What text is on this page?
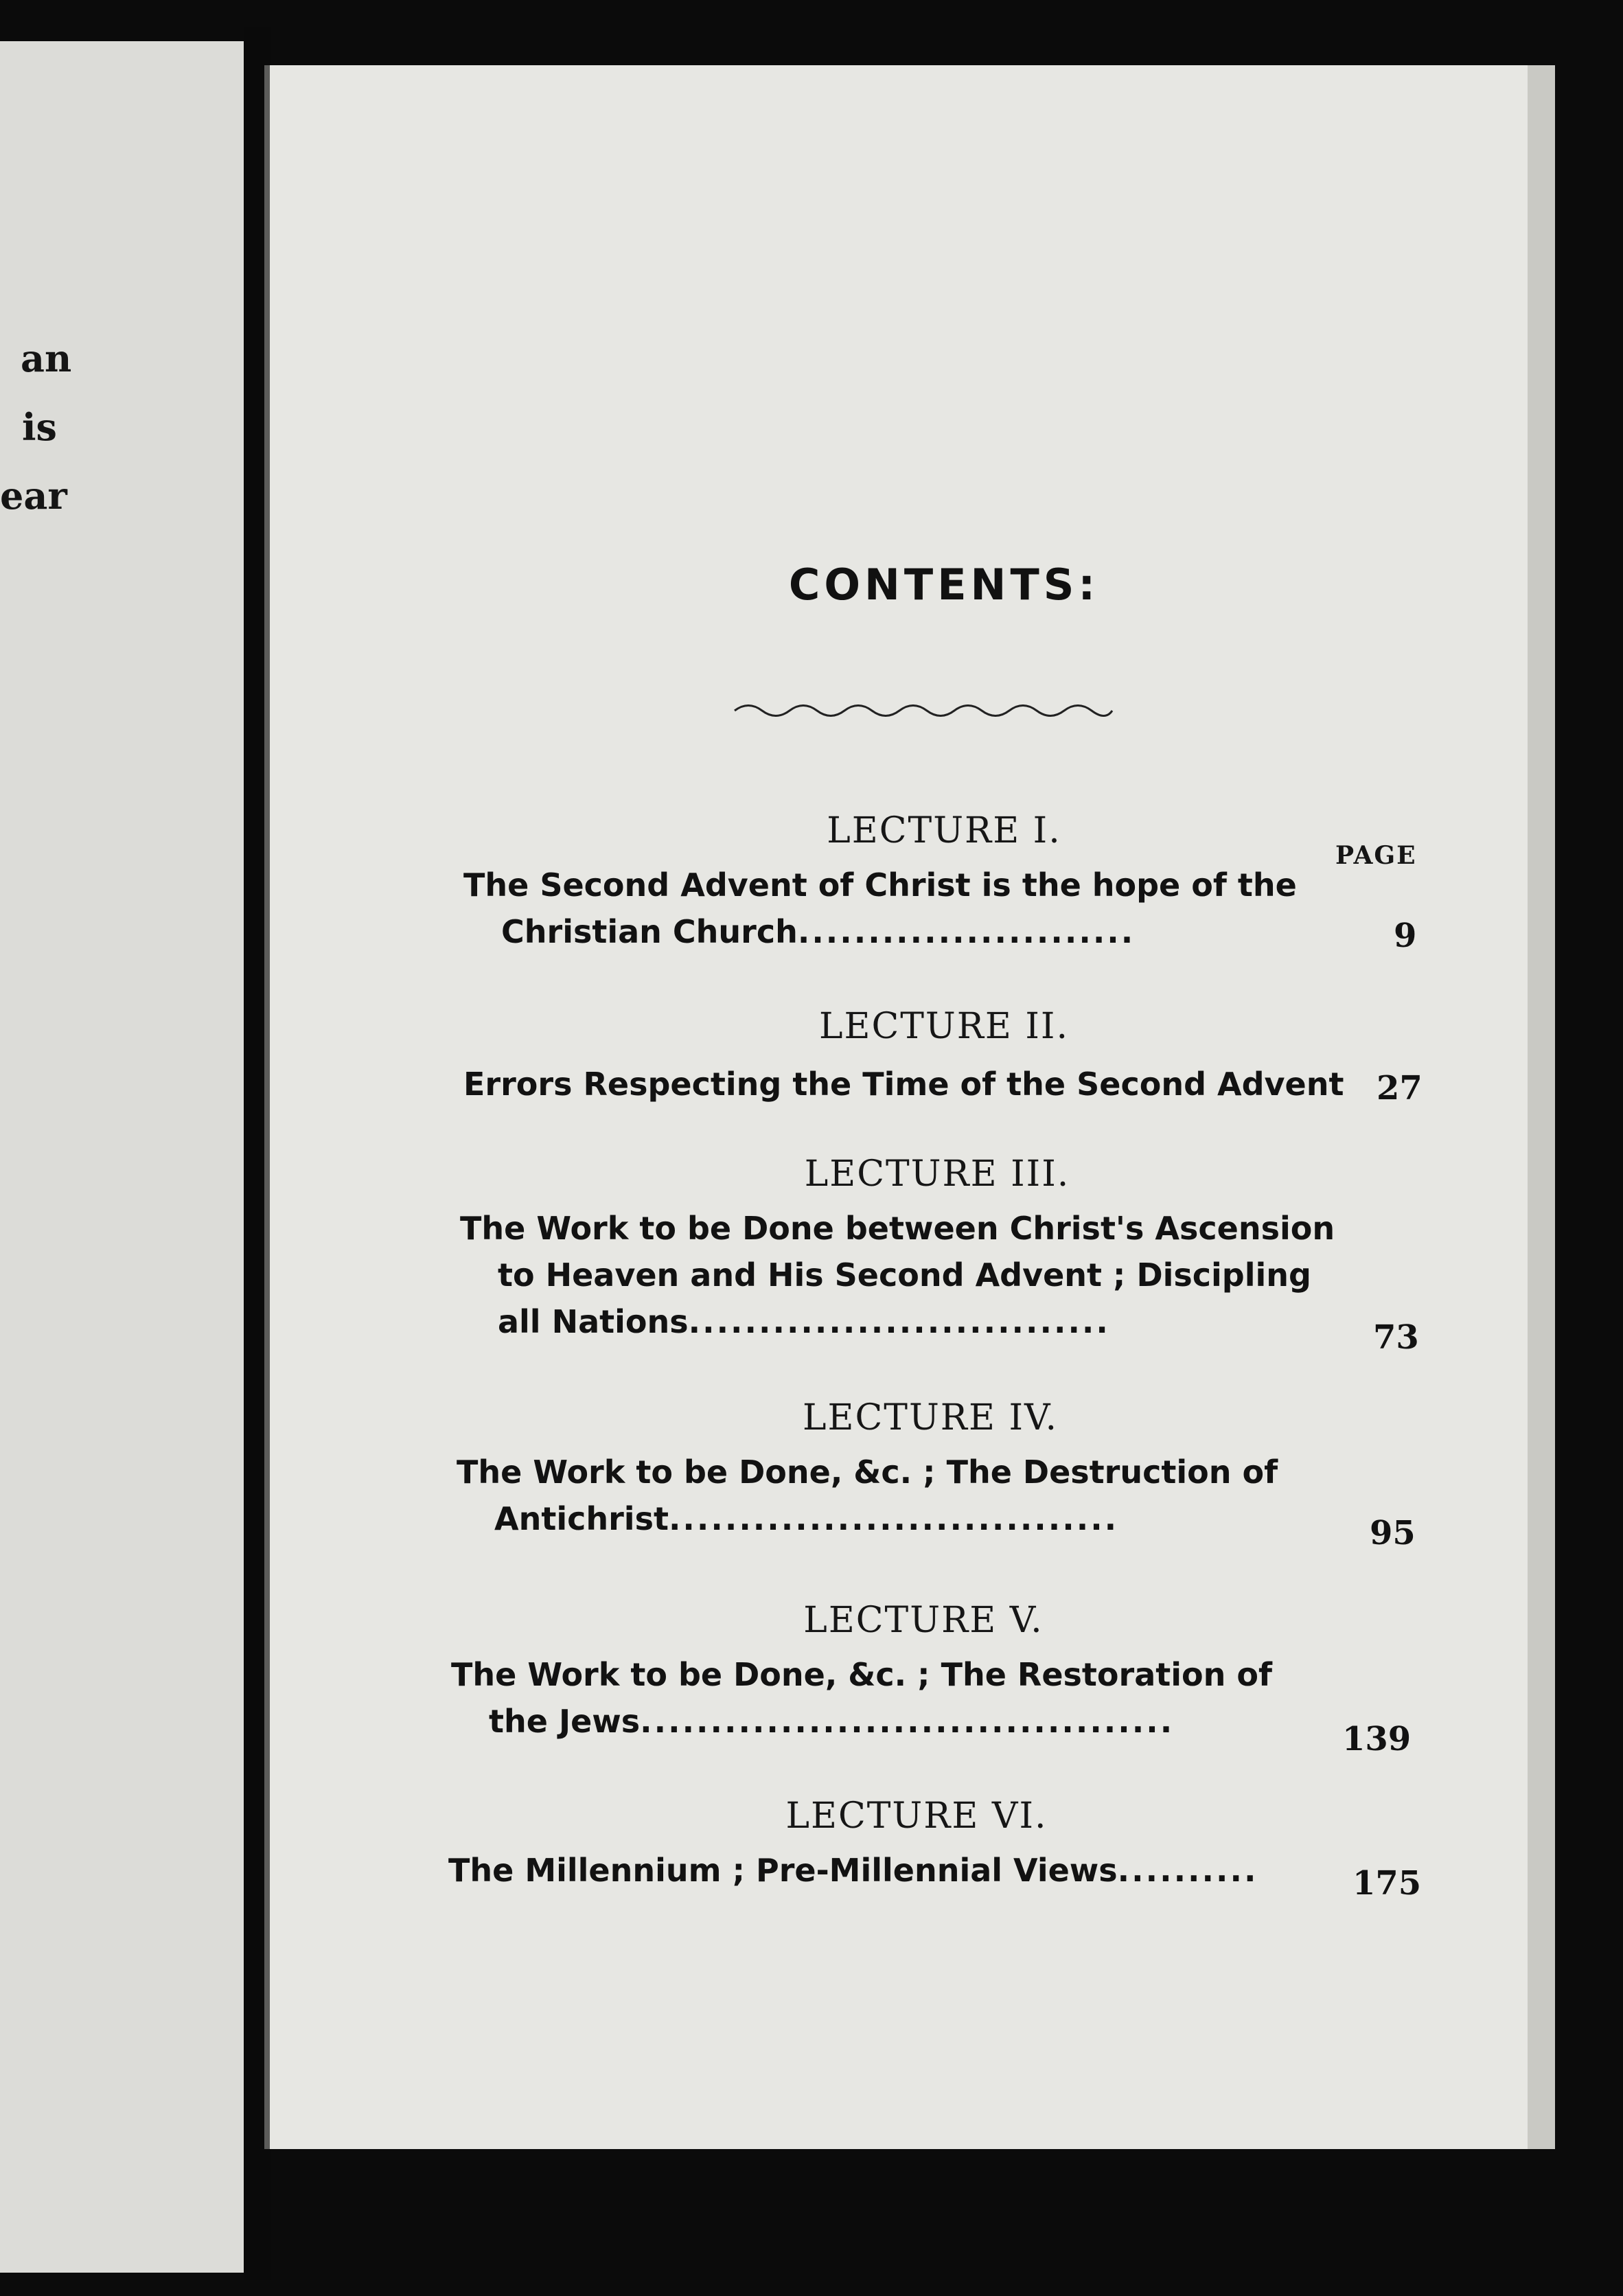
an
is
ear
CONTENTS:
LECTURE I.
PAGE
The Second Advent of Christ is the hope of the
Christian Church........................	9
LECTURE II.
Errors Respecting the Time of the Second Advent 27
LECTURE III.
The Work to be Done between Christ's Ascension
to Heaven and His Second Advent ; Discipling
all Nations..............................	73
LECTURE IV.
The Work to be Done, &c. ; The Destruction of
Antichrist................................	95
LECTURE V.
The Work to be Done, &c. ; The Restoration of
the Jews......................................	139
LECTURE VI.
The Millennium ; Pre-Millennial Views..........	175
